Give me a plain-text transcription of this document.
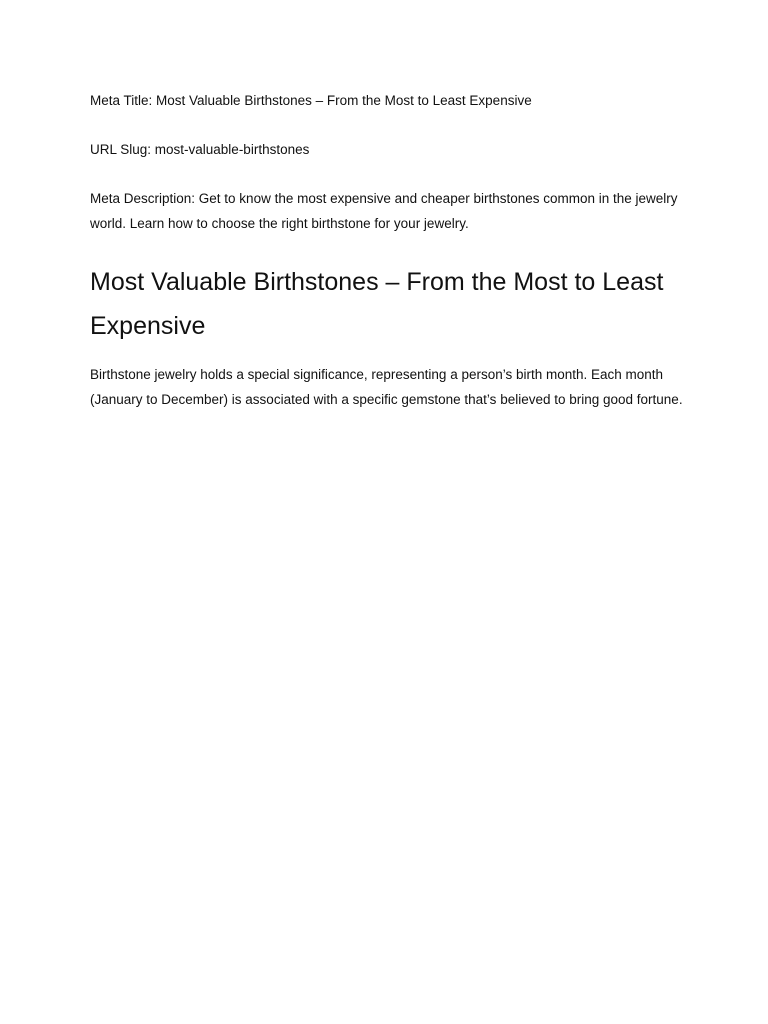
Meta Title: Most Valuable Birthstones – From the Most to Least Expensive

URL Slug: most-valuable-birthstones

Meta Description: Get to know the most expensive and cheaper birthstones common in the jewelry world. Learn how to choose the right birthstone for your jewelry.

Most Valuable Birthstones – From the Most to Least Expensive

Birthstone jewelry holds a special significance, representing a person’s birth month. Each month (January to December) is associated with a specific gemstone that’s believed to bring good fortune.
